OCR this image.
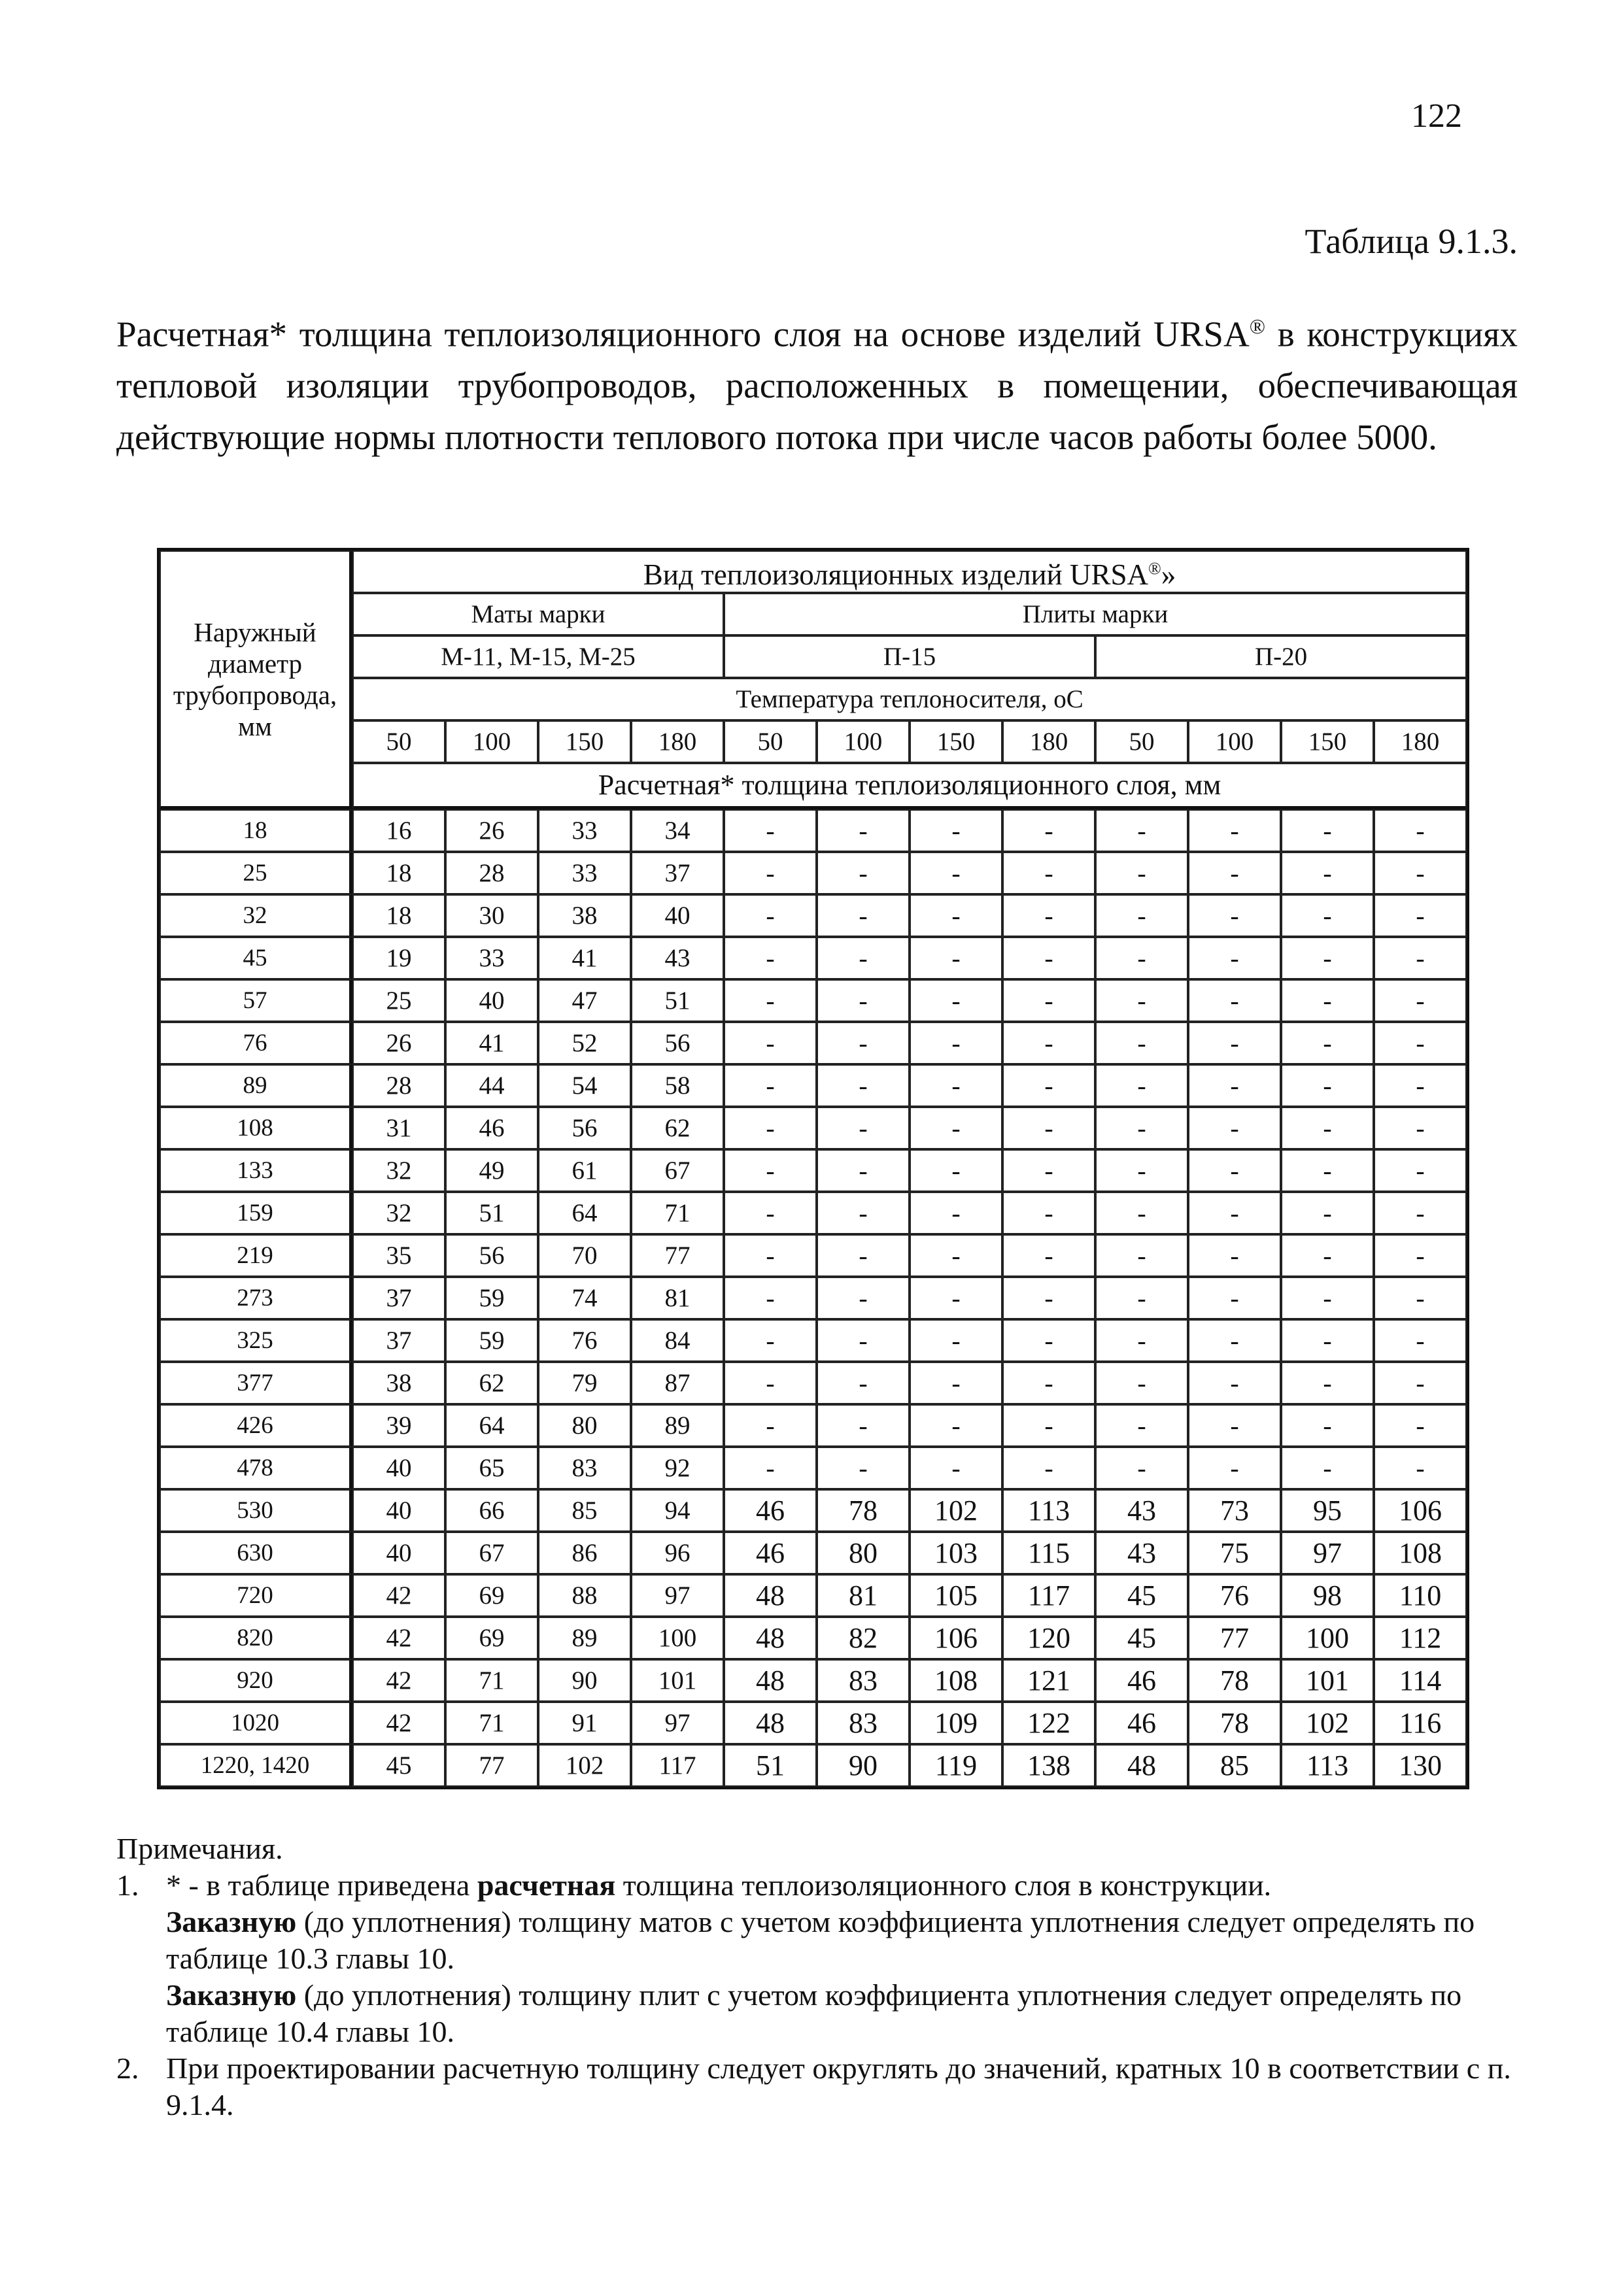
122
Таблица 9.1.3.

Расчетная* толщина теплоизоляционного слоя на основе изделий URSA® в конструкциях тепловой изоляции трубопроводов, расположенных в помещении, обеспечивающая действующие нормы плотности теплового потока при числе часов работы более 5000.

Наружный диаметр трубопровода, мм	Вид теплоизоляционных изделий URSA®»											
	Маты марки				Плиты марки							
	М-11, М-15, М-25				П-15				П-20			
	Температура теплоносителя, оС											
	50	100	150	180	50	100	150	180	50	100	150	180
	Расчетная* толщина теплоизоляционного слоя, мм											
18	16	26	33	34	-	-	-	-	-	-	-	-
25	18	28	33	37	-	-	-	-	-	-	-	-
32	18	30	38	40	-	-	-	-	-	-	-	-
45	19	33	41	43	-	-	-	-	-	-	-	-
57	25	40	47	51	-	-	-	-	-	-	-	-
76	26	41	52	56	-	-	-	-	-	-	-	-
89	28	44	54	58	-	-	-	-	-	-	-	-
108	31	46	56	62	-	-	-	-	-	-	-	-
133	32	49	61	67	-	-	-	-	-	-	-	-
159	32	51	64	71	-	-	-	-	-	-	-	-
219	35	56	70	77	-	-	-	-	-	-	-	-
273	37	59	74	81	-	-	-	-	-	-	-	-
325	37	59	76	84	-	-	-	-	-	-	-	-
377	38	62	79	87	-	-	-	-	-	-	-	-
426	39	64	80	89	-	-	-	-	-	-	-	-
478	40	65	83	92	-	-	-	-	-	-	-	-
530	40	66	85	94	46	78	102	113	43	73	95	106
630	40	67	86	96	46	80	103	115	43	75	97	108
720	42	69	88	97	48	81	105	117	45	76	98	110
820	42	69	89	100	48	82	106	120	45	77	100	112
920	42	71	90	101	48	83	108	121	46	78	101	114
1020	42	71	91	97	48	83	109	122	46	78	102	116
1220, 1420	45	77	102	117	51	90	119	138	48	85	113	130

Примечания.

1. * - в таблице приведена расчетная толщина теплоизоляционного слоя в конструкции.

Заказную (до уплотнения) толщину матов с учетом коэффициента уплотнения следует определять по таблице 10.3 главы 10.

Заказную (до уплотнения) толщину плит с учетом коэффициента уплотнения следует определять по таблице 10.4 главы 10.

2. При проектировании расчетную толщину следует округлять до значений, кратных 10 в соответствии с п. 9.1.4.
